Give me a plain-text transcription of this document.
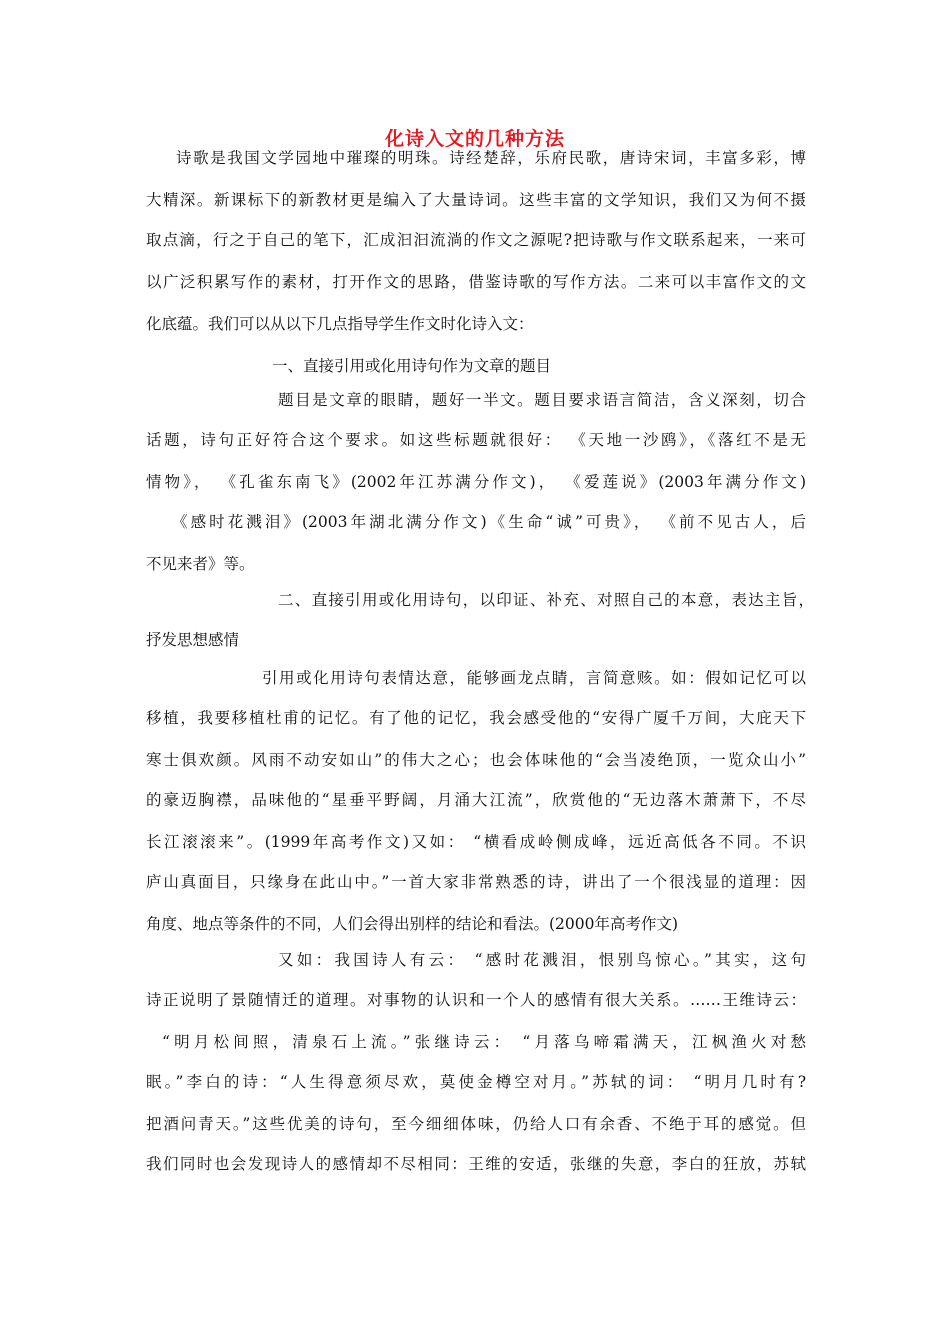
化诗入文的几种方法
诗歌是我国文学园地中璀璨的明珠。诗经楚辞，乐府民歌，唐诗宋词，丰富多彩，博
大精深。新课标下的新教材更是编入了大量诗词。这些丰富的文学知识，我们又为何不摄
取点滴，行之于自己的笔下，汇成汩汩流淌的作文之源呢?把诗歌与作文联系起来，一来可
以广泛积累写作的素材，打开作文的思路，借鉴诗歌的写作方法。二来可以丰富作文的文
化底蕴。我们可以从以下几点指导学生作文时化诗入文：
一、直接引用或化用诗句作为文章的题目
题目是文章的眼睛，题好一半文。题目要求语言简洁，含义深刻，切合
话题，诗句正好符合这个要求。如这些标题就很好： 《天地一沙鸥》，《落红不是无
情物》， 《孔雀东南飞》(2002年江苏满分作文)， 《爱莲说》(2003年满分作文)
《感时花溅泪》(2003年湖北满分作文)《生命“诚”可贵》， 《前不见古人，后
不见来者》等。
二、直接引用或化用诗句，以印证、补充、对照自己的本意，表达主旨，
抒发思想感情
引用或化用诗句表情达意，能够画龙点睛，言简意赅。如：假如记忆可以
移植，我要移植杜甫的记忆。有了他的记忆，我会感受他的“安得广厦千万间，大庇天下
寒士俱欢颜。风雨不动安如山”的伟大之心；也会体味他的“会当凌绝顶，一览众山小”
的豪迈胸襟，品味他的“星垂平野阔，月涌大江流”，欣赏他的“无边落木萧萧下，不尽
长江滚滚来”。(1999年高考作文)又如： “横看成岭侧成峰，远近高低各不同。不识
庐山真面目，只缘身在此山中。”一首大家非常熟悉的诗，讲出了一个很浅显的道理：因
角度、地点等条件的不同，人们会得出别样的结论和看法。(2000年高考作文)
又如：我国诗人有云： “感时花溅泪，恨别鸟惊心。”其实，这句
诗正说明了景随情迁的道理。对事物的认识和一个人的感情有很大关系。……王维诗云：
“明月松间照，清泉石上流。”张继诗云： “月落乌啼霜满天，江枫渔火对愁
眠。”李白的诗：“人生得意须尽欢，莫使金樽空对月。”苏轼的词： “明月几时有?
把酒问青天。”这些优美的诗句，至今细细体味，仍给人口有余香、不绝于耳的感觉。但
我们同时也会发现诗人的感情却不尽相同：王维的安适，张继的失意，李白的狂放，苏轼
